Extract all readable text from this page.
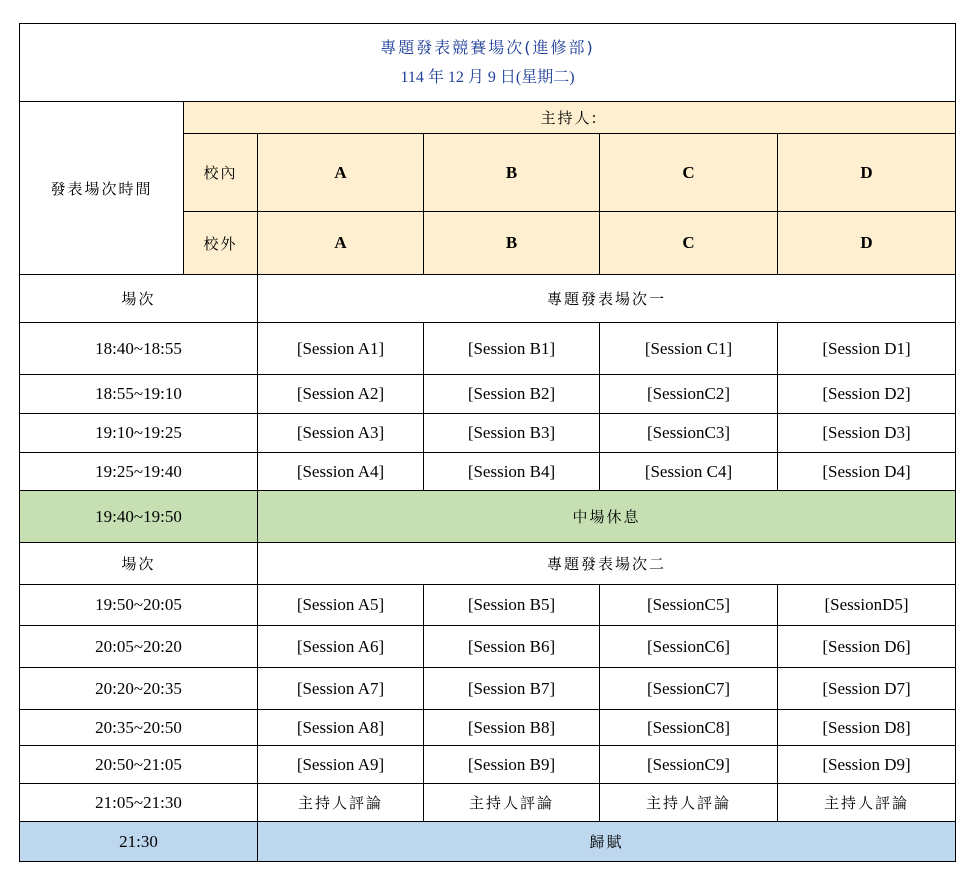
專題發表競賽場次(進修部)
114 年 12 月 9 日(星期二)					

發表場次時間	主持人:				
	校內	A	B	C	D
	校外	A	B	C	D
場次		專題發表場次一			
18:40~18:55		[Session A1]	[Session B1]	[Session C1]	[Session D1]
18:55~19:10		[Session A2]	[Session B2]	[SessionC2]	[Session D2]
19:10~19:25		[Session A3]	[Session B3]	[SessionC3]	[Session D3]
19:25~19:40		[Session A4]	[Session B4]	[Session C4]	[Session D4]
19:40~19:50		中場休息			
場次		專題發表場次二			
19:50~20:05		[Session A5]	[Session B5]	[SessionC5]	[SessionD5]
20:05~20:20		[Session A6]	[Session B6]	[SessionC6]	[Session D6]
20:20~20:35		[Session A7]	[Session B7]	[SessionC7]	[Session D7]
20:35~20:50		[Session A8]	[Session B8]	[SessionC8]	[Session D8]
20:50~21:05		[Session A9]	[Session B9]	[SessionC9]	[Session D9]
21:05~21:30		主持人評論	主持人評論	主持人評論	主持人評論
21:30		歸賦			
